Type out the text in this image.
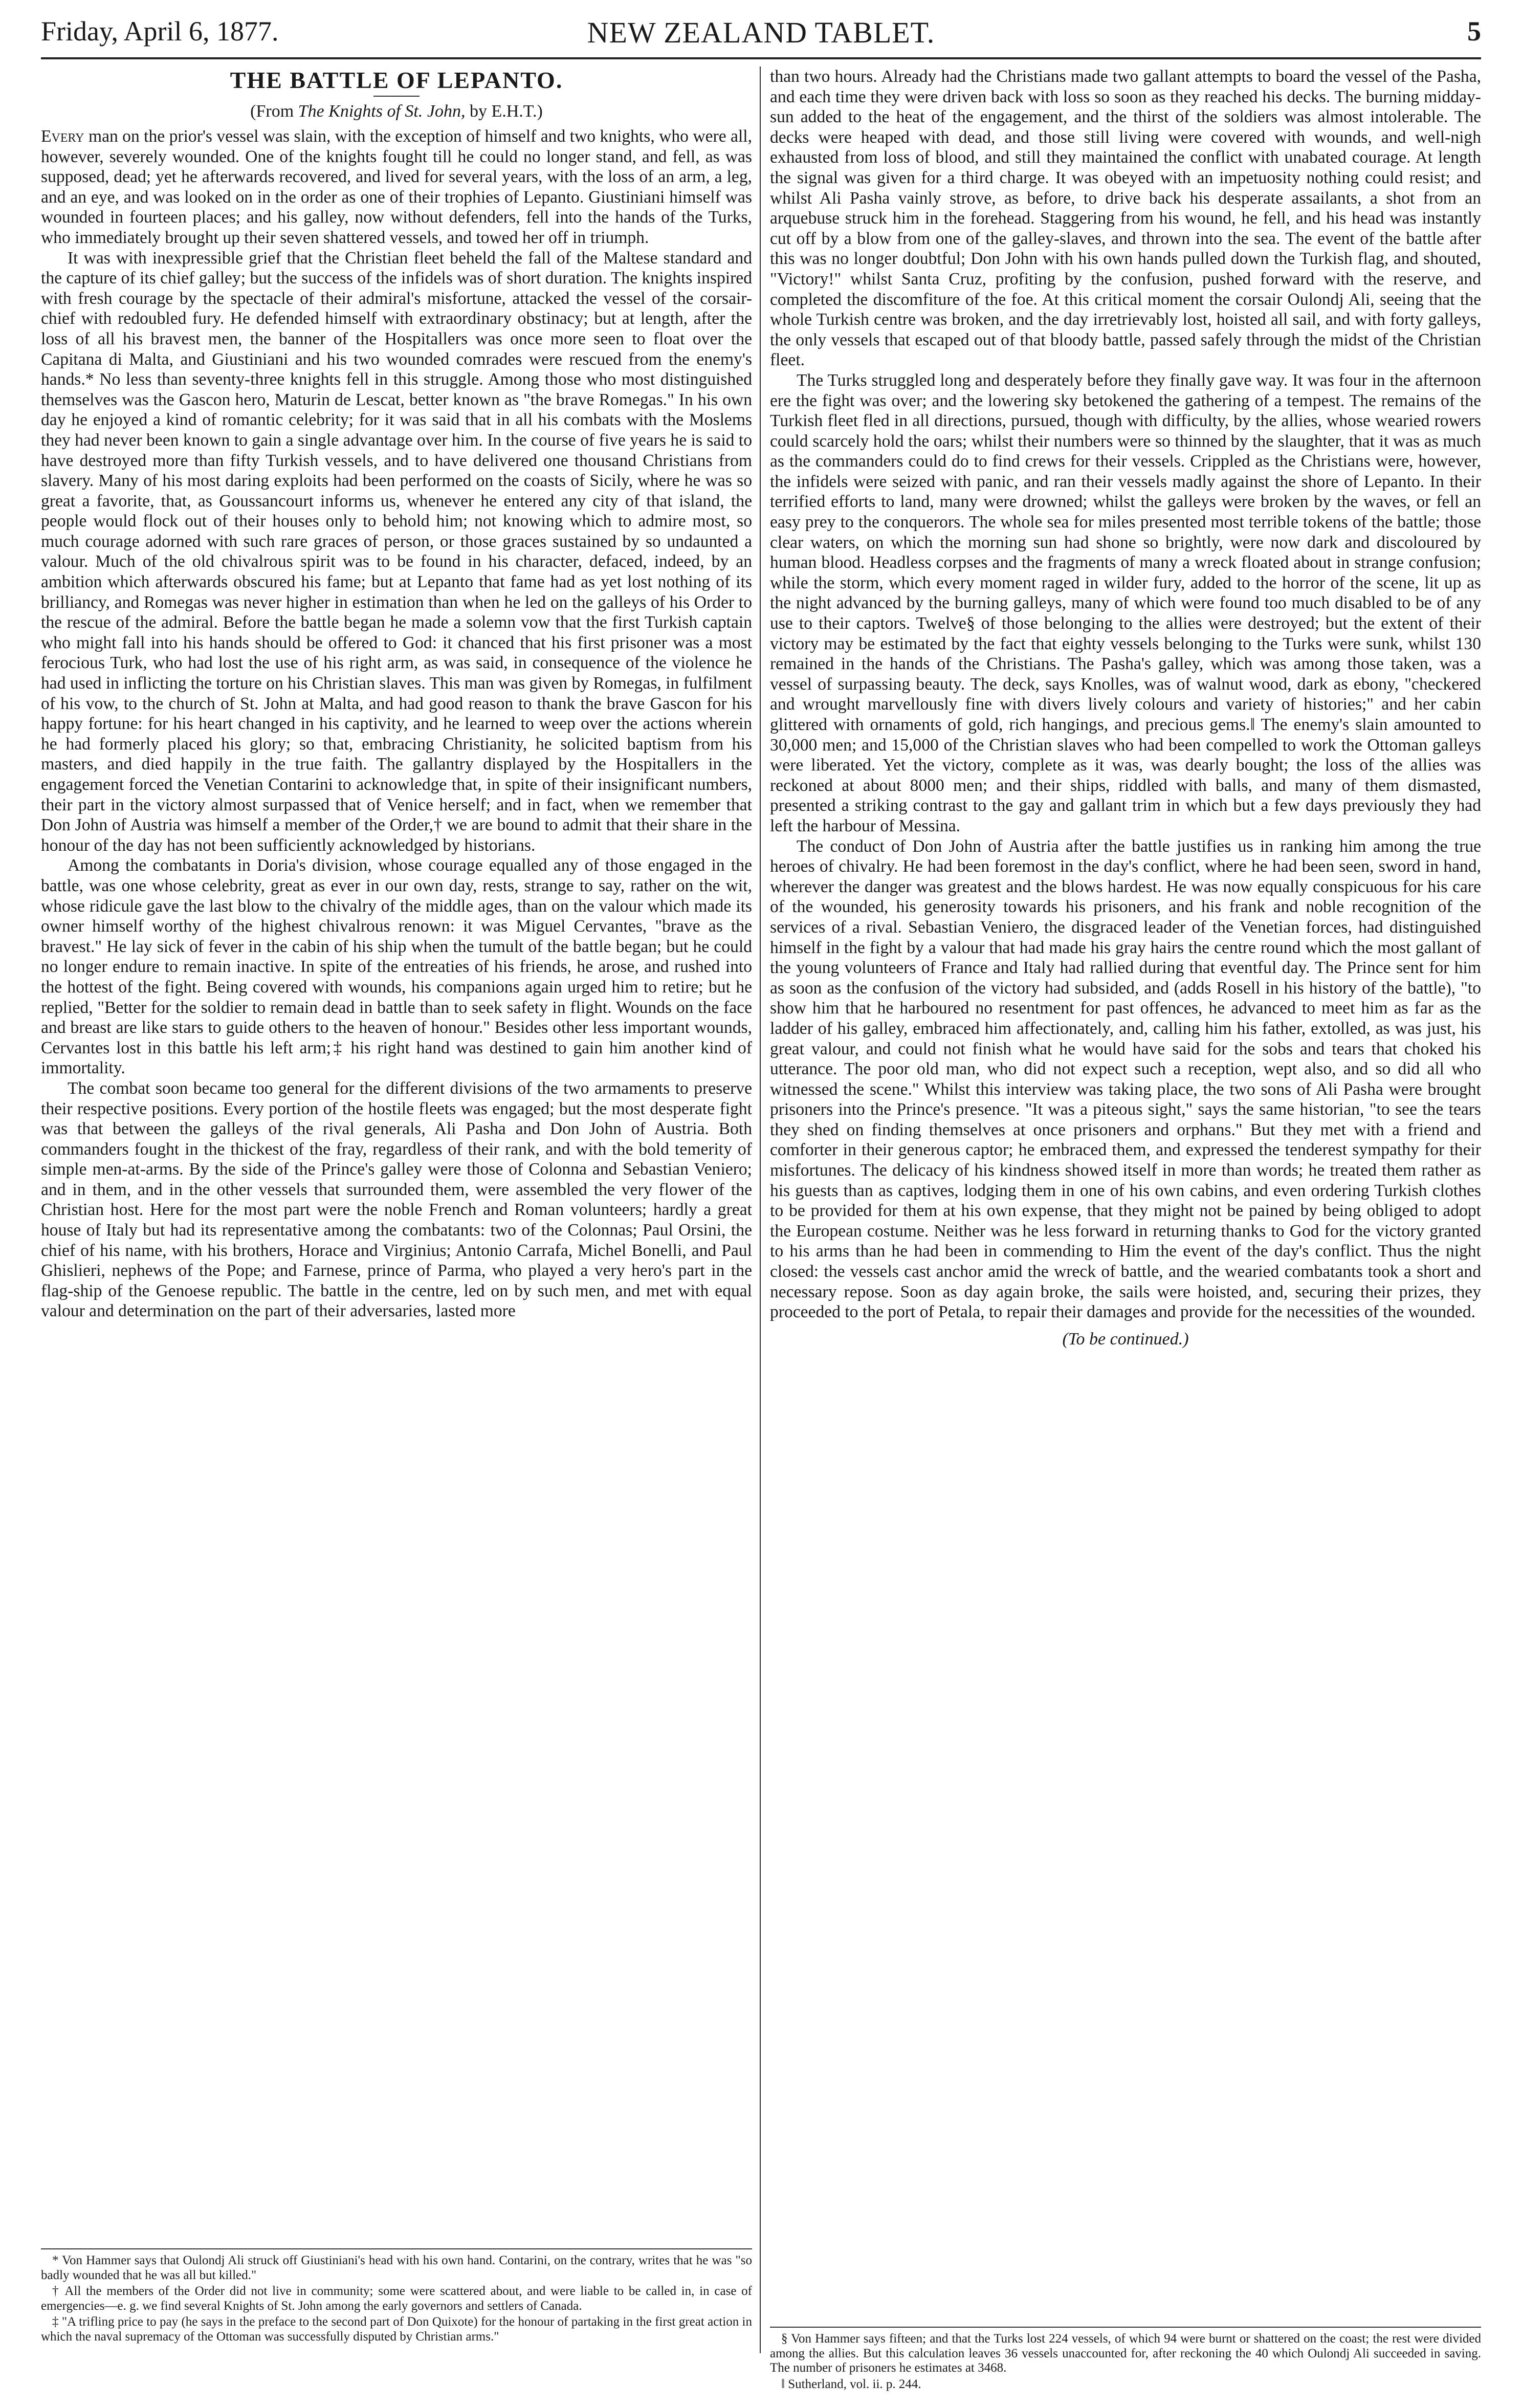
Friday, April 6, 1877.	NEW ZEALAND TABLET.	5
THE BATTLE OF LEPANTO.
(From The Knights of St. John, by E.H.T.)

Every man on the prior's vessel was slain, with the exception of himself and two knights, who were all, however, severely wounded. One of the knights fought till he could no longer stand, and fell, as was supposed, dead; yet he afterwards recovered, and lived for several years, with the loss of an arm, a leg, and an eye, and was looked on in the order as one of their trophies of Lepanto. Giustiniani himself was wounded in fourteen places; and his galley, now without defenders, fell into the hands of the Turks, who immediately brought up their seven shattered vessels, and towed her off in triumph.

It was with inexpressible grief that the Christian fleet beheld the fall of the Maltese standard and the capture of its chief galley; but the success of the infidels was of short duration. The knights inspired with fresh courage by the spectacle of their admiral's misfortune, attacked the vessel of the corsair-chief with redoubled fury. He defended himself with extraordinary obstinacy; but at length, after the loss of all his bravest men, the banner of the Hospitallers was once more seen to float over the Capitana di Malta, and Giustiniani and his two wounded comrades were rescued from the enemy's hands.* No less than seventy-three knights fell in this struggle. Among those who most distinguished themselves was the Gascon hero, Maturin de Lescat, better known as "the brave Romegas." In his own day he enjoyed a kind of romantic celebrity; for it was said that in all his combats with the Moslems they had never been known to gain a single advantage over him. In the course of five years he is said to have destroyed more than fifty Turkish vessels, and to have delivered one thousand Christians from slavery. Many of his most daring exploits had been performed on the coasts of Sicily, where he was so great a favorite, that, as Goussancourt informs us, whenever he entered any city of that island, the people would flock out of their houses only to behold him; not knowing which to admire most, so much courage adorned with such rare graces of person, or those graces sustained by so undaunted a valour. Much of the old chivalrous spirit was to be found in his character, defaced, indeed, by an ambition which afterwards obscured his fame; but at Lepanto that fame had as yet lost nothing of its brilliancy, and Romegas was never higher in estimation than when he led on the galleys of his Order to the rescue of the admiral. Before the battle began he made a solemn vow that the first Turkish captain who might fall into his hands should be offered to God: it chanced that his first prisoner was a most ferocious Turk, who had lost the use of his right arm, as was said, in consequence of the violence he had used in inflicting the torture on his Christian slaves. This man was given by Romegas, in fulfilment of his vow, to the church of St. John at Malta, and had good reason to thank the brave Gascon for his happy fortune: for his heart changed in his captivity, and he learned to weep over the actions wherein he had formerly placed his glory; so that, embracing Christianity, he solicited baptism from his masters, and died happily in the true faith. The gallantry displayed by the Hospitallers in the engagement forced the Venetian Contarini to acknowledge that, in spite of their insignificant numbers, their part in the victory almost surpassed that of Venice herself; and in fact, when we remember that Don John of Austria was himself a member of the Order,† we are bound to admit that their share in the honour of the day has not been sufficiently acknowledged by historians.

Among the combatants in Doria's division, whose courage equalled any of those engaged in the battle, was one whose celebrity, great as ever in our own day, rests, strange to say, rather on the wit, whose ridicule gave the last blow to the chivalry of the middle ages, than on the valour which made its owner himself worthy of the highest chivalrous renown: it was Miguel Cervantes, "brave as the bravest." He lay sick of fever in the cabin of his ship when the tumult of the battle began; but he could no longer endure to remain inactive. In spite of the entreaties of his friends, he arose, and rushed into the hottest of the fight. Being covered with wounds, his companions again urged him to retire; but he replied, "Better for the soldier to remain dead in battle than to seek safety in flight. Wounds on the face and breast are like stars to guide others to the heaven of honour." Besides other less important wounds, Cervantes lost in this battle his left arm;‡ his right hand was destined to gain him another kind of immortality.

The combat soon became too general for the different divisions of the two armaments to preserve their respective positions. Every portion of the hostile fleets was engaged; but the most desperate fight was that between the galleys of the rival generals, Ali Pasha and Don John of Austria. Both commanders fought in the thickest of the fray, regardless of their rank, and with the bold temerity of simple men-at-arms. By the side of the Prince's galley were those of Colonna and Sebastian Veniero; and in them, and in the other vessels that surrounded them, were assembled the very flower of the Christian host. Here for the most part were the noble French and Roman volunteers; hardly a great house of Italy but had its representative among the combatants: two of the Colonnas; Paul Orsini, the chief of his name, with his brothers, Horace and Virginius; Antonio Carrafa, Michel Bonelli, and Paul Ghislieri, nephews of the Pope; and Farnese, prince of Parma, who played a very hero's part in the flag-ship of the Genoese republic. The battle in the centre, led on by such men, and met with equal valour and determination on the part of their adversaries, lasted more

than two hours. Already had the Christians made two gallant attempts to board the vessel of the Pasha, and each time they were driven back with loss so soon as they reached his decks. The burning midday-sun added to the heat of the engagement, and the thirst of the soldiers was almost intolerable. The decks were heaped with dead, and those still living were covered with wounds, and well-nigh exhausted from loss of blood, and still they maintained the conflict with unabated courage. At length the signal was given for a third charge. It was obeyed with an impetuosity nothing could resist; and whilst Ali Pasha vainly strove, as before, to drive back his desperate assailants, a shot from an arquebuse struck him in the forehead. Staggering from his wound, he fell, and his head was instantly cut off by a blow from one of the galley-slaves, and thrown into the sea. The event of the battle after this was no longer doubtful; Don John with his own hands pulled down the Turkish flag, and shouted, "Victory!" whilst Santa Cruz, profiting by the confusion, pushed forward with the reserve, and completed the discomfiture of the foe. At this critical moment the corsair Oulondj Ali, seeing that the whole Turkish centre was broken, and the day irretrievably lost, hoisted all sail, and with forty galleys, the only vessels that escaped out of that bloody battle, passed safely through the midst of the Christian fleet.

The Turks struggled long and desperately before they finally gave way. It was four in the afternoon ere the fight was over; and the lowering sky betokened the gathering of a tempest. The remains of the Turkish fleet fled in all directions, pursued, though with difficulty, by the allies, whose wearied rowers could scarcely hold the oars; whilst their numbers were so thinned by the slaughter, that it was as much as the commanders could do to find crews for their vessels. Crippled as the Christians were, however, the infidels were seized with panic, and ran their vessels madly against the shore of Lepanto. In their terrified efforts to land, many were drowned; whilst the galleys were broken by the waves, or fell an easy prey to the conquerors. The whole sea for miles presented most terrible tokens of the battle; those clear waters, on which the morning sun had shone so brightly, were now dark and discoloured by human blood. Headless corpses and the fragments of many a wreck floated about in strange confusion; while the storm, which every moment raged in wilder fury, added to the horror of the scene, lit up as the night advanced by the burning galleys, many of which were found too much disabled to be of any use to their captors. Twelve§ of those belonging to the allies were destroyed; but the extent of their victory may be estimated by the fact that eighty vessels belonging to the Turks were sunk, whilst 130 remained in the hands of the Christians. The Pasha's galley, which was among those taken, was a vessel of surpassing beauty. The deck, says Knolles, was of walnut wood, dark as ebony, "checkered and wrought marvellously fine with divers lively colours and variety of histories;" and her cabin glittered with ornaments of gold, rich hangings, and precious gems.‖ The enemy's slain amounted to 30,000 men; and 15,000 of the Christian slaves who had been compelled to work the Ottoman galleys were liberated. Yet the victory, complete as it was, was dearly bought; the loss of the allies was reckoned at about 8000 men; and their ships, riddled with balls, and many of them dismasted, presented a striking contrast to the gay and gallant trim in which but a few days previously they had left the harbour of Messina.

The conduct of Don John of Austria after the battle justifies us in ranking him among the true heroes of chivalry. He had been foremost in the day's conflict, where he had been seen, sword in hand, wherever the danger was greatest and the blows hardest. He was now equally conspicuous for his care of the wounded, his generosity towards his prisoners, and his frank and noble recognition of the services of a rival. Sebastian Veniero, the disgraced leader of the Venetian forces, had distinguished himself in the fight by a valour that had made his gray hairs the centre round which the most gallant of the young volunteers of France and Italy had rallied during that eventful day. The Prince sent for him as soon as the confusion of the victory had subsided, and (adds Rosell in his history of the battle), "to show him that he harboured no resentment for past offences, he advanced to meet him as far as the ladder of his galley, embraced him affectionately, and, calling him his father, extolled, as was just, his great valour, and could not finish what he would have said for the sobs and tears that choked his utterance. The poor old man, who did not expect such a reception, wept also, and so did all who witnessed the scene." Whilst this interview was taking place, the two sons of Ali Pasha were brought prisoners into the Prince's presence. "It was a piteous sight," says the same historian, "to see the tears they shed on finding themselves at once prisoners and orphans." But they met with a friend and comforter in their generous captor; he embraced them, and expressed the tenderest sympathy for their misfortunes. The delicacy of his kindness showed itself in more than words; he treated them rather as his guests than as captives, lodging them in one of his own cabins, and even ordering Turkish clothes to be provided for them at his own expense, that they might not be pained by being obliged to adopt the European costume. Neither was he less forward in returning thanks to God for the victory granted to his arms than he had been in commending to Him the event of the day's conflict. Thus the night closed: the vessels cast anchor amid the wreck of battle, and the wearied combatants took a short and necessary repose. Soon as day again broke, the sails were hoisted, and, securing their prizes, they proceeded to the port of Petala, to repair their damages and provide for the necessities of the wounded.

(To be continued.)

* Von Hammer says that Oulondj Ali struck off Giustiniani's head with his own hand. Contarini, on the contrary, writes that he was "so badly wounded that he was all but killed."

† All the members of the Order did not live in community; some were scattered about, and were liable to be called in, in case of emergencies—e. g. we find several Knights of St. John among the early governors and settlers of Canada.

‡ "A trifling price to pay (he says in the preface to the second part of Don Quixote) for the honour of partaking in the first great action in which the naval supremacy of the Ottoman was successfully disputed by Christian arms."	§ Von Hammer says fifteen; and that the Turks lost 224 vessels, of which 94 were burnt or shattered on the coast; the rest were divided among the allies. But this calculation leaves 36 vessels unaccounted for, after reckoning the 40 which Oulondj Ali succeeded in saving. The number of prisoners he estimates at 3468.

‖ Sutherland, vol. ii. p. 244.
